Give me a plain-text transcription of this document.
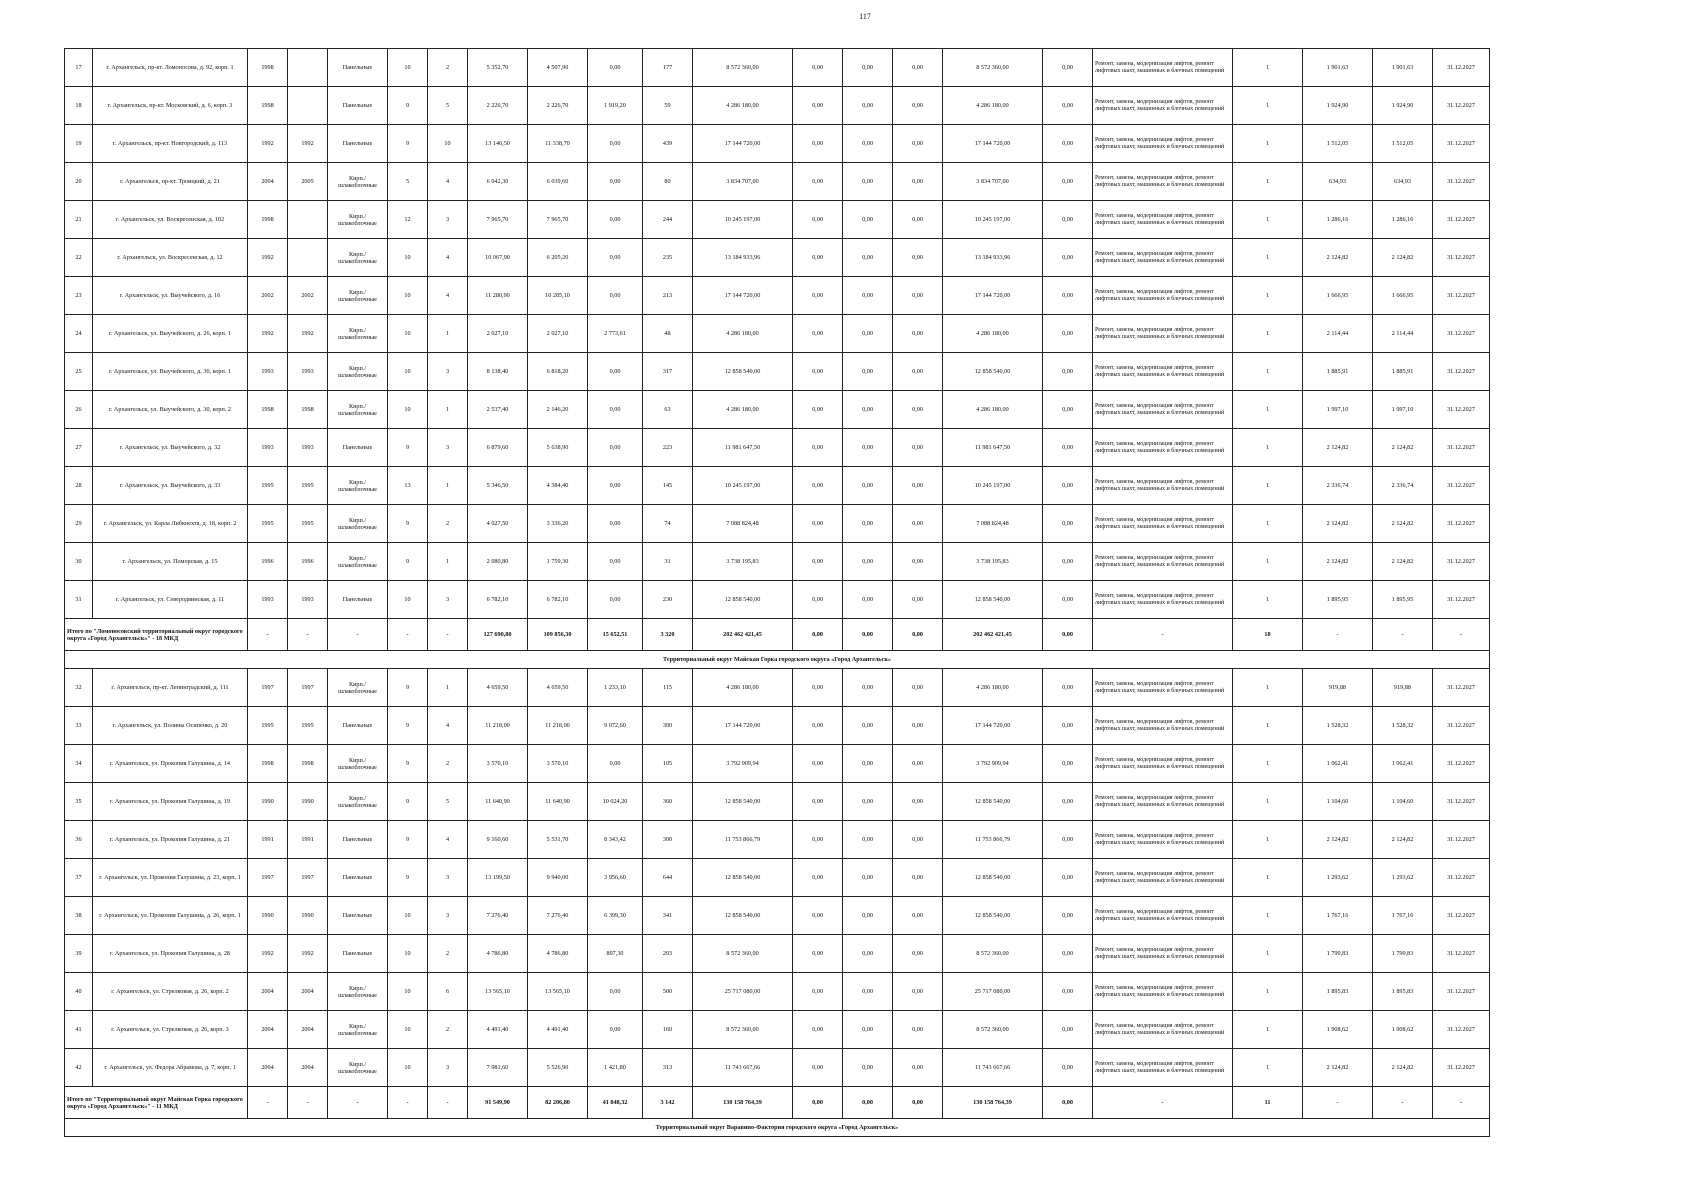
117
17	г. Архангельск, пр-кт. Ломоносова, д. 92, корп. 1	1998		Панельные	10	2	5 352,70	4 507,90	0,00	177	8 572 360,00	0,00	0,00	0,00	8 572 360,00	0,00	Ремонт, замена, модернизация лифтов, ремонт лифтовых шахт, машинных и блочных помещений	1	1 901,63	1 901,63	31.12.2027
18	г. Архангельск, пр-кт. Московский, д. 6, корп. 3	1998		Панельные	9	5	2 226,70	2 226,70	1 919,20	59	4 286 180,00	0,00	0,00	0,00	4 286 180,00	0,00	Ремонт, замена, модернизация лифтов, ремонт лифтовых шахт, машинных и блочных помещений	1	1 924,90	1 924,90	31.12.2027
19	г. Архангельск, пр-кт. Новгородский, д. 113	1992	1992	Панельные	9	10	13 146,50	11 338,70	0,00	439	17 144 720,00	0,00	0,00	0,00	17 144 720,00	0,00	Ремонт, замена, модернизация лифтов, ремонт лифтовых шахт, машинных и блочных помещений	1	1 512,05	1 512,05	31.12.2027
20	г. Архангельск, пр-кт. Троицкий, д. 21	2004	2005	Кирп./ шлакоблочные	5	4	6 042,30	6 039,60	0,00	80	3 834 707,00	0,00	0,00	0,00	3 834 707,00	0,00	Ремонт, замена, модернизация лифтов, ремонт лифтовых шахт, машинных и блочных помещений	1	634,93	634,93	31.12.2027
21	г. Архангельск, ул. Воскресенская, д. 102	1998		Кирп./ шлакоблочные	12	3	7 965,70	7 965,70	0,00	244	10 245 197,00	0,00	0,00	0,00	10 245 197,00	0,00	Ремонт, замена, модернизация лифтов, ремонт лифтовых шахт, машинных и блочных помещений	1	1 286,16	1 286,16	31.12.2027
22	г. Архангельск, ул. Воскресенская, д. 12	1992		Кирп./ шлакоблочные	10	4	10 067,90	6 205,20	0,00	235	13 184 933,96	0,00	0,00	0,00	13 184 933,96	0,00	Ремонт, замена, модернизация лифтов, ремонт лифтовых шахт, машинных и блочных помещений	1	2 124,82	2 124,82	31.12.2027
23	г. Архангельск, ул. Выучейского, д. 16	2002	2002	Кирп./ шлакоблочные	10	4	11 280,90	10 285,10	0,00	213	17 144 720,00	0,00	0,00	0,00	17 144 720,00	0,00	Ремонт, замена, модернизация лифтов, ремонт лифтовых шахт, машинных и блочных помещений	1	1 666,95	1 666,95	31.12.2027
24	г. Архангельск, ул. Выучейского, д. 26, корп. 1	1992	1992	Кирп./ шлакоблочные	10	1	2 027,10	2 027,10	2 773,61	48	4 286 180,00	0,00	0,00	0,00	4 286 180,00	0,00	Ремонт, замена, модернизация лифтов, ремонт лифтовых шахт, машинных и блочных помещений	1	2 114,44	2 114,44	31.12.2027
25	г. Архангельск, ул. Выучейского, д. 30, корп. 1	1993	1993	Кирп./ шлакоблочные	10	3	8 138,40	6 818,20	0,00	317	12 858 540,00	0,00	0,00	0,00	12 858 540,00	0,00	Ремонт, замена, модернизация лифтов, ремонт лифтовых шахт, машинных и блочных помещений	1	1 885,91	1 885,91	31.12.2027
26	г. Архангельск, ул. Выучейского, д. 30, корп. 2	1998	1998	Кирп./ шлакоблочные	10	1	2 537,40	2 146,20	0,00	63	4 286 180,00	0,00	0,00	0,00	4 286 180,00	0,00	Ремонт, замена, модернизация лифтов, ремонт лифтовых шахт, машинных и блочных помещений	1	1 997,10	1 997,10	31.12.2027
27	г. Архангельск, ул. Выучейского, д. 32	1993	1993	Панельные	9	3	6 879,60	5 638,90	0,00	223	11 981 647,50	0,00	0,00	0,00	11 981 647,50	0,00	Ремонт, замена, модернизация лифтов, ремонт лифтовых шахт, машинных и блочных помещений	1	2 124,82	2 124,82	31.12.2027
28	г. Архангельск, ул. Выучейского, д. 33	1995	1995	Кирп./ шлакоблочные	13	1	5 346,50	4 384,40	0,00	145	10 245 197,00	0,00	0,00	0,00	10 245 197,00	0,00	Ремонт, замена, модернизация лифтов, ремонт лифтовых шахт, машинных и блочных помещений	1	2 336,74	2 336,74	31.12.2027
29	г. Архангельск, ул. Карла Либкнехта, д. 18, корп. 2	1995	1995	Кирп./ шлакоблочные	9	2	4 027,50	3 336,20	0,00	74	7 088 824,48	0,00	0,00	0,00	7 088 824,48	0,00	Ремонт, замена, модернизация лифтов, ремонт лифтовых шахт, машинных и блочных помещений	1	2 124,82	2 124,82	31.12.2027
30	г. Архангельск, ул. Поморская, д. 15	1996	1996	Кирп./ шлакоблочные	9	1	2 080,80	1 759,30	0,00	31	3 738 195,83	0,00	0,00	0,00	3 738 195,83	0,00	Ремонт, замена, модернизация лифтов, ремонт лифтовых шахт, машинных и блочных помещений	1	2 124,82	2 124,82	31.12.2027
31	г. Архангельск, ул. Северодвинская, д. 11	1993	1993	Панельные	10	3	6 782,10	6 782,10	0,00	230	12 858 540,00	0,00	0,00	0,00	12 858 540,00	0,00	Ремонт, замена, модернизация лифтов, ремонт лифтовых шахт, машинных и блочных помещений	1	1 895,95	1 895,95	31.12.2027
Итого по "Ломоносовский территориальный округ городского округа «Город Архангельск»" - 18 МКД		-	-	-	-	-	127 690,80	109 856,30	15 652,51	3 320	202 462 421,45	0,00	0,00	0,00	202 462 421,45	0,00	-	18	-	-	-
Территориальный округ Майская Горка городского округа «Город Архангельск»																					
32	г. Архангельск, пр-кт. Ленинградский, д. 111	1997	1997	Кирп./ шлакоблочные	9	1	4 659,50	4 659,50	1 233,10	115	4 286 180,00	0,00	0,00	0,00	4 286 180,00	0,00	Ремонт, замена, модернизация лифтов, ремонт лифтовых шахт, машинных и блочных помещений	1	919,88	919,88	31.12.2027
33	г. Архангельск, ул. Полины Осипенко, д. 20	1995	1995	Панельные	9	4	11 218,00	11 218,00	9 072,60	300	17 144 720,00	0,00	0,00	0,00	17 144 720,00	0,00	Ремонт, замена, модернизация лифтов, ремонт лифтовых шахт, машинных и блочных помещений	1	1 528,32	1 528,32	31.12.2027
34	г. Архангельск, ул. Прокопия Галушина, д. 14	1998	1998	Кирп./ шлакоблочные	9	2	3 570,10	3 570,10	0,00	105	3 792 909,94	0,00	0,00	0,00	3 792 909,94	0,00	Ремонт, замена, модернизация лифтов, ремонт лифтовых шахт, машинных и блочных помещений	1	1 062,41	1 062,41	31.12.2027
35	г. Архангельск, ул. Прокопия Галушина, д. 19	1990	1990	Кирп./ шлакоблочные	9	5	11 640,90	11 640,90	10 024,20	360	12 858 540,00	0,00	0,00	0,00	12 858 540,00	0,00	Ремонт, замена, модернизация лифтов, ремонт лифтовых шахт, машинных и блочных помещений	1	1 104,60	1 104,60	31.12.2027
36	г. Архангельск, ул. Прокопия Галушина, д. 21	1991	1991	Панельные	9	4	9 160,60	5 531,70	8 343,42	300	11 753 866,79	0,00	0,00	0,00	11 753 866,79	0,00	Ремонт, замена, модернизация лифтов, ремонт лифтовых шахт, машинных и блочных помещений	1	2 124,82	2 124,82	31.12.2027
37	г. Архангельск, ул. Прокопия Галушина, д. 23, корп. 1	1997	1997	Панельные	9	3	13 199,50	9 940,00	3 956,60	644	12 858 540,00	0,00	0,00	0,00	12 858 540,00	0,00	Ремонт, замена, модернизация лифтов, ремонт лифтовых шахт, машинных и блочных помещений	1	1 293,62	1 293,62	31.12.2027
38	г. Архангельск, ул. Прокопия Галушина, д. 26, корп. 1	1990	1990	Панельные	10	3	7 276,40	7 276,40	6 399,30	341	12 858 540,00	0,00	0,00	0,00	12 858 540,00	0,00	Ремонт, замена, модернизация лифтов, ремонт лифтовых шахт, машинных и блочных помещений	1	1 767,16	1 767,16	31.12.2027
39	г. Архангельск, ул. Прокопия Галушина, д. 28	1992	1992	Панельные	10	2	4 786,80	4 786,80	897,30	203	8 572 360,00	0,00	0,00	0,00	8 572 360,00	0,00	Ремонт, замена, модернизация лифтов, ремонт лифтовых шахт, машинных и блочных помещений	1	1 790,83	1 790,83	31.12.2027
40	г. Архангельск, ул. Стрелковая, д. 26, корп. 2	2004	2004	Кирп./ шлакоблочные	10	6	13 565,10	13 565,10	0,00	500	25 717 080,00	0,00	0,00	0,00	25 717 080,00	0,00	Ремонт, замена, модернизация лифтов, ремонт лифтовых шахт, машинных и блочных помещений	1	1 895,83	1 895,83	31.12.2027
41	г. Архангельск, ул. Стрелковая, д. 26, корп. 3	2004	2004	Кирп./ шлакоблочные	10	2	4 491,40	4 491,40	0,00	160	8 572 360,00	0,00	0,00	0,00	8 572 360,00	0,00	Ремонт, замена, модернизация лифтов, ремонт лифтовых шахт, машинных и блочных помещений	1	1 908,62	1 908,62	31.12.2027
42	г. Архангельск, ул. Федора Абрамова, д. 7, корп. 1	2004	2004	Кирп./ шлакоблочные	10	3	7 981,60	5 526,90	1 421,80	313	11 743 667,66	0,00	0,00	0,00	11 743 667,66	0,00	Ремонт, замена, модернизация лифтов, ремонт лифтовых шахт, машинных и блочных помещений	1	2 124,82	2 124,82	31.12.2027
Итого по "Территориальный округ Майская Горка городского округа «Город Архангельск»" - 11 МКД		-	-	-	-	-	91 549,90	82 206,80	41 848,32	3 142	130 158 764,39	0,00	0,00	0,00	130 158 764,39	0,00	-	11	-	-	-
Территориальный округ Варавино-Фактория городского округа «Город Архангельск»																					
